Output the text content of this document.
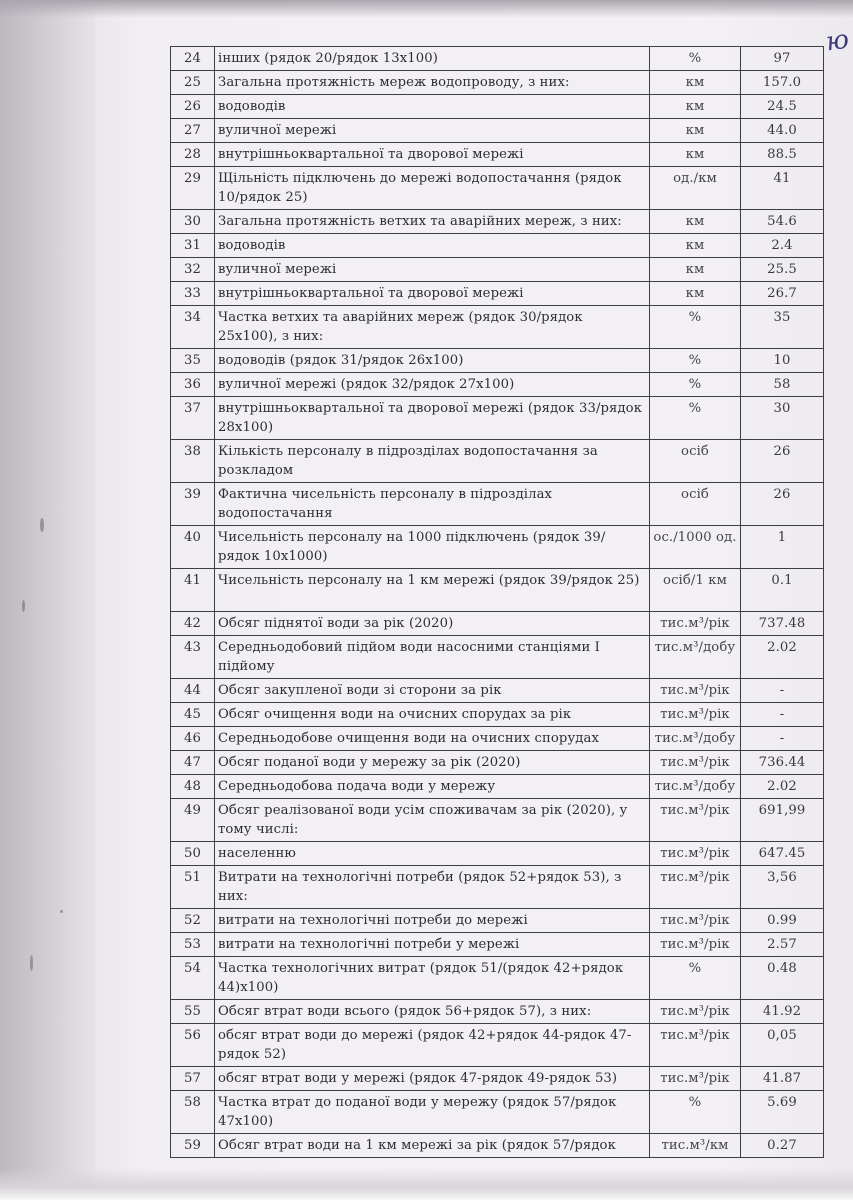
ю
24	інших (рядок 20/рядок 13х100)	%	97
25	Загальна протяжність мереж водопроводу, з них:	км	157.0
26	водоводів	км	24.5
27	вуличної мережі	км	44.0
28	внутрішньоквартальної та дворової мережі	км	88.5
29	Щільність підключень до мережі водопостачання (рядок 10/рядок 25)	од./км	41
30	Загальна протяжність ветхих та аварійних мереж, з них:	км	54.6
31	водоводів	км	2.4
32	вуличної мережі	км	25.5
33	внутрішньоквартальної та дворової мережі	км	26.7
34	Частка ветхих та аварійних мереж (рядок 30/рядок 25х100), з них:	%	35
35	водоводів (рядок 31/рядок 26х100)	%	10
36	вуличної мережі (рядок 32/рядок 27х100)	%	58
37	внутрішньоквартальної та дворової мережі (рядок 33/рядок 28х100)	%	30
38	Кількість персоналу в підрозділах водопостачання за розкладом	осіб	26
39	Фактична чисельність персоналу в підрозділах водопостачання	осіб	26
40	Чисельність персоналу на 1000 підключень (рядок 39/рядок 10х1000)	ос./1000 од.	1
41	Чисельність персоналу на 1 км мережі (рядок 39/рядок 25)	осіб/1 км	0.1
42	Обсяг піднятої води за рік (2020)	тис.м³/рік	737.48
43	Середньодобовий підйом води насосними станціями І підйому	тис.м³/добу	2.02
44	Обсяг закупленої води зі сторони за рік	тис.м³/рік	-
45	Обсяг очищення води на очисних спорудах за рік	тис.м³/рік	-
46	Середньодобове очищення води на очисних спорудах	тис.м³/добу	-
47	Обсяг поданої води у мережу за рік (2020)	тис.м³/рік	736.44
48	Середньодобова подача води у мережу	тис.м³/добу	2.02
49	Обсяг реалізованої води усім споживачам за рік (2020), у тому числі:	тис.м³/рік	691,99
50	населенню	тис.м³/рік	647.45
51	Витрати на технологічні потреби (рядок 52+рядок 53), з них:	тис.м³/рік	3,56
52	витрати на технологічні потреби до мережі	тис.м³/рік	0.99
53	витрати на технологічні потреби у мережі	тис.м³/рік	2.57
54	Частка технологічних витрат (рядок 51/(рядок 42+рядок 44)х100)	%	0.48
55	Обсяг втрат води всього (рядок 56+рядок 57), з них:	тис.м³/рік	41.92
56	обсяг втрат води до мережі (рядок 42+рядок 44-рядок 47-рядок 52)	тис.м³/рік	0,05
57	обсяг втрат води у мережі (рядок 47-рядок 49-рядок 53)	тис.м³/рік	41.87
58	Частка втрат до поданої води у мережу (рядок 57/рядок 47х100)	%	5.69
59	Обсяг втрат води на 1 км мережі за рік (рядок 57/рядок	тис.м³/км	0.27
